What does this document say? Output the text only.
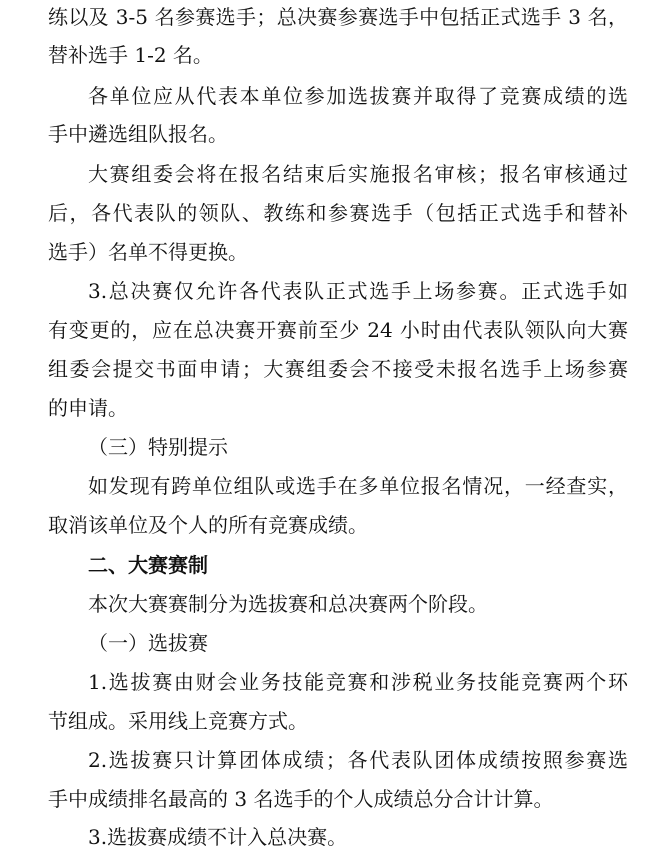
练以及 3-5 名参赛选手；总决赛参赛选手中包括正式选手 3 名，
替补选手 1-2 名。
各单位应从代表本单位参加选拔赛并取得了竞赛成绩的选
手中遴选组队报名。
大赛组委会将在报名结束后实施报名审核；报名审核通过
后，各代表队的领队、教练和参赛选手（包括正式选手和替补
选手）名单不得更换。
3.总决赛仅允许各代表队正式选手上场参赛。正式选手如
有变更的，应在总决赛开赛前至少 24 小时由代表队领队向大赛
组委会提交书面申请；大赛组委会不接受未报名选手上场参赛
的申请。
（三）特别提示
如发现有跨单位组队或选手在多单位报名情况，一经查实，
取消该单位及个人的所有竞赛成绩。
二、大赛赛制
本次大赛赛制分为选拔赛和总决赛两个阶段。
（一）选拔赛
1.选拔赛由财会业务技能竞赛和涉税业务技能竞赛两个环
节组成。采用线上竞赛方式。
2.选拔赛只计算团体成绩；各代表队团体成绩按照参赛选
手中成绩排名最高的 3 名选手的个人成绩总分合计计算。
3.选拔赛成绩不计入总决赛。
